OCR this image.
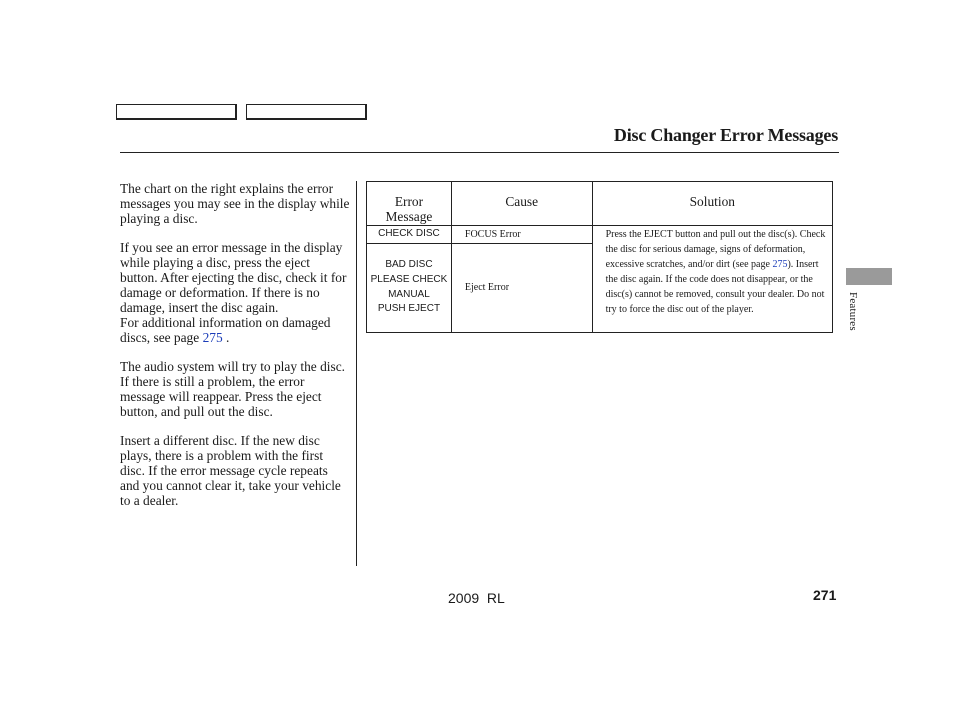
Disc Changer Error Messages

The chart on the right explains the error messages you may see in the display while playing a disc.

If you see an error message in the display while playing a disc, press the eject button. After ejecting the disc, check it for damage or deformation. If there is no damage, insert the disc again.
For additional information on damaged discs, see page 275 .

The audio system will try to play the disc. If there is still a problem, the error message will reappear. Press the eject button, and pull out the disc.

Insert a different disc. If the new disc plays, there is a problem with the first disc. If the error message cycle repeats and you cannot clear it, take your vehicle to a dealer.

Error
Message	Cause	Solution
CHECK DISC	FOCUS Error	Press the EJECT button and pull out the disc(s). Check the disc for serious damage, signs of deformation, excessive scratches, and/or dirt (see page 275). Insert the disc again. If the code does not disappear, or the disc(s) cannot be removed, consult your dealer. Do not try to force the disc out of the player.

BAD DISC
PLEASE CHECK
MANUAL
PUSH EJECT	Eject Error	
Features
2009  RL	271
